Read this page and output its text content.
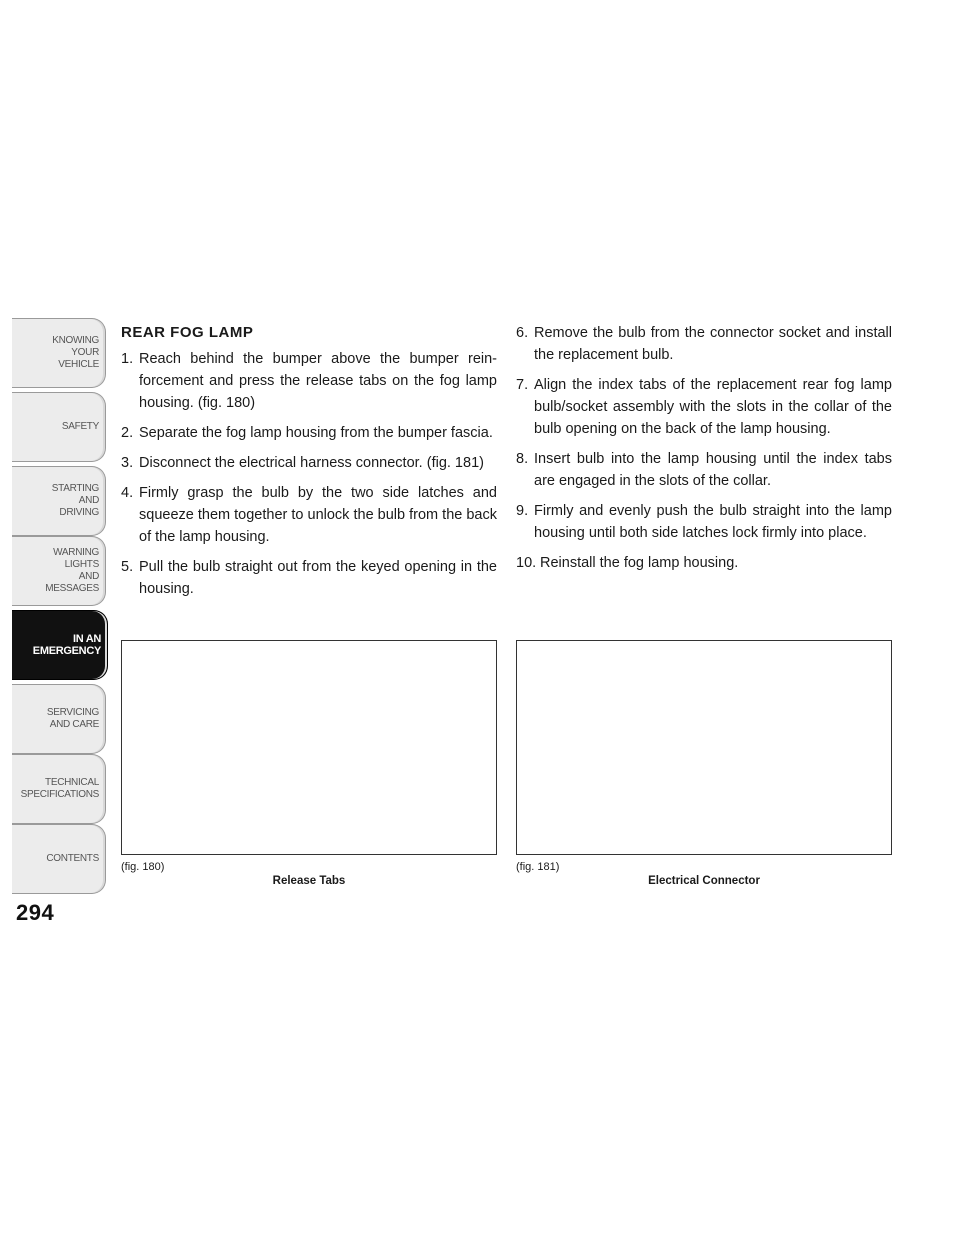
KNOWING
YOUR
VEHICLE
SAFETY
STARTING
AND
DRIVING
WARNING
LIGHTS
AND
MESSAGES
IN AN
EMERGENCY
SERVICING
AND CARE
TECHNICAL
SPECIFICATIONS
CONTENTS
294
REAR FOG LAMP
1. Reach behind the bumper above the bumper rein- forcement and press the release tabs on the fog lamp housing. (fig. 180)
2. Separate the fog lamp housing from the bumper fascia.
3. Disconnect the electrical harness connector. (fig. 181)
4. Firmly grasp the bulb by the two side latches and squeeze them together to unlock the bulb from the back of the lamp housing.
5. Pull the bulb straight out from the keyed opening in the housing.
6. Remove the bulb from the connector socket and install the replacement bulb.
7. Align the index tabs of the replacement rear fog lamp bulb/socket assembly with the slots in the collar of the bulb opening on the back of the lamp housing.
8. Insert bulb into the lamp housing until the index tabs are engaged in the slots of the collar.
9. Firmly and evenly push the bulb straight into the lamp housing until both side latches lock firmly into place.
10. Reinstall the fog lamp housing.
(fig. 180)
Release Tabs
(fig. 181)
Electrical Connector
